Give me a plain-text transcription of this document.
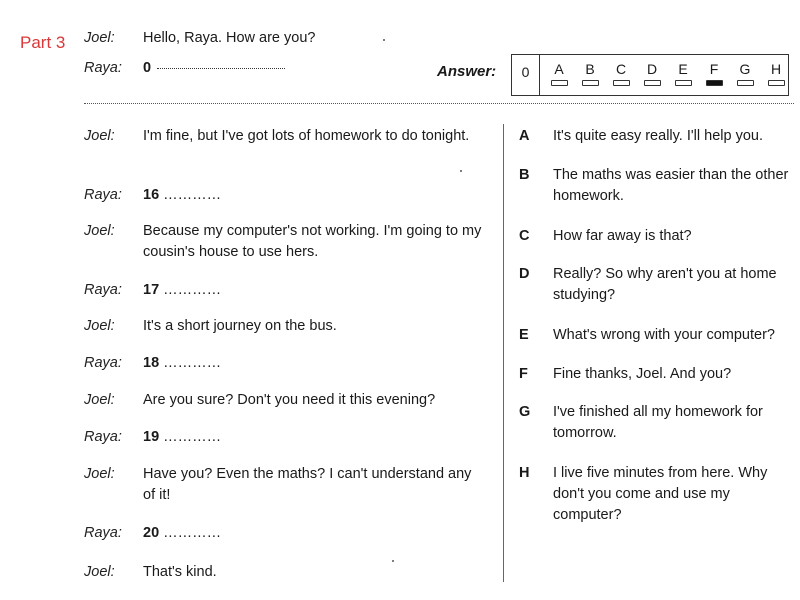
Part 3 Joel: Hello, Raya. How are you?
Raya: 0	Answer:	0	A	B	C	D	E	F	G	H
Joel: I'm fine, but I've got lots of homework to do tonight.
Raya: 16 …………
Joel: Because my computer's not working. I'm going to my cousin's house to use hers.
Raya: 17 …………
Joel: It's a short journey on the bus.
Raya: 18 …………
Joel: Are you sure? Don't you need it this evening?
Raya: 19 …………
Joel: Have you? Even the maths? I can't understand any of it!
Raya: 20 …………
Joel: That's kind.
A It's quite easy really. I'll help you.
B The maths was easier than the other homework.
C How far away is that?
D Really? So why aren't you at home studying?
E What's wrong with your computer?
F Fine thanks, Joel. And you?
G I've finished all my homework for tomorrow.
H I live five minutes from here. Why don't you come and use my computer?
